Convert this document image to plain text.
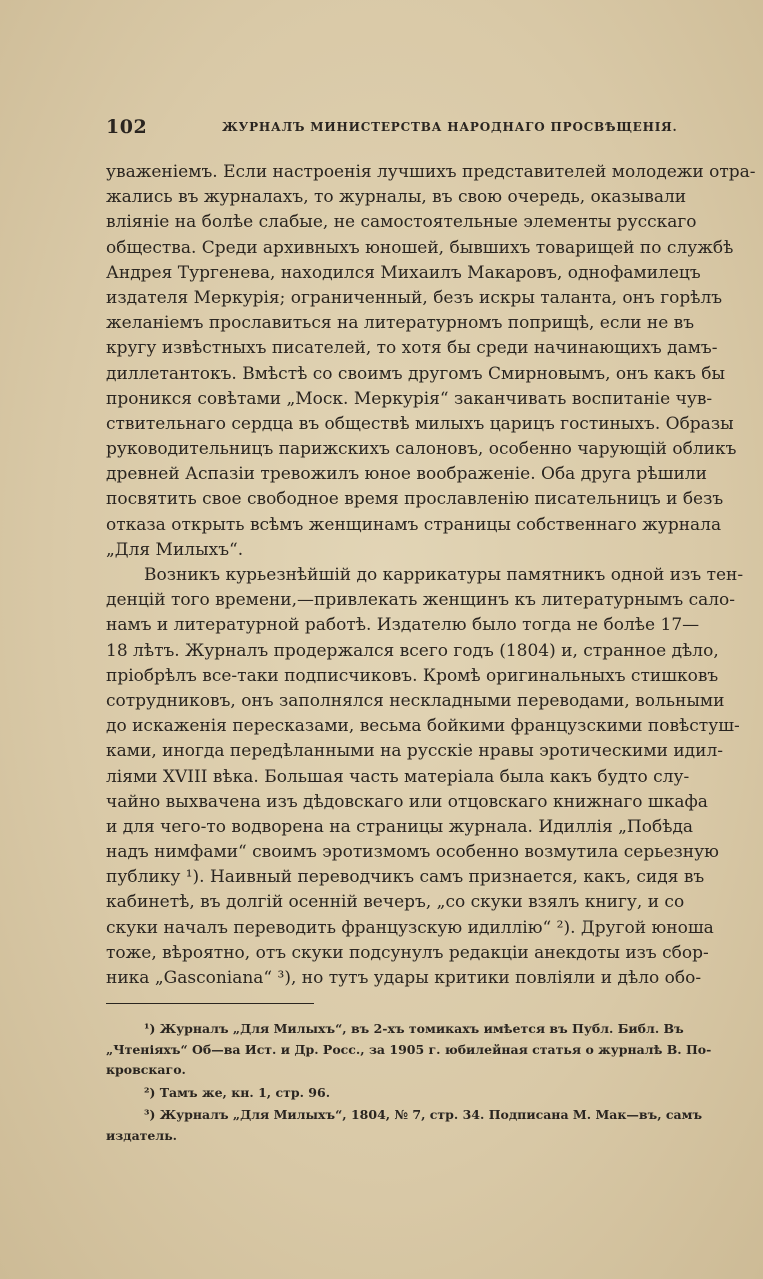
102	ЖУРНАЛЪ МИНИСТЕРСТВА НАРОДНАГО ПРОСВѢЩЕНІЯ.
уваженіемъ. Если настроенія лучшихъ представителей молодежи отра-
жались въ журналахъ, то журналы, въ свою очередь, оказывали
вліяніе на болѣе слабые, не самостоятельные элементы русскаго
общества. Среди архивныхъ юношей, бывшихъ товарищей по службѣ
Андрея Тургенева, находился Михаилъ Макаровъ, однофамилецъ
издателя Меркурія; ограниченный, безъ искры таланта, онъ горѣлъ
желаніемъ прославиться на литературномъ поприщѣ, если не въ
кругу извѣстныхъ писателей, то хотя бы среди начинающихъ дамъ-
диллетантокъ. Вмѣстѣ со своимъ другомъ Смирновымъ, онъ какъ бы
проникся совѣтами „Моск. Меркурія“ заканчивать воспитаніе чув-
ствительнаго сердца въ обществѣ милыхъ царицъ гостиныхъ. Образы
руководительницъ парижскихъ салоновъ, особенно чарующій обликъ
древней Аспазіи тревожилъ юное воображеніе. Оба друга рѣшили
посвятить свое свободное время прославленію писательницъ и безъ
отказа открыть всѣмъ женщинамъ страницы собственнаго журнала
„Для Милыхъ“.
Возникъ курьезнѣйшій до каррикатуры памятникъ одной изъ тен-
денцій того времени,—привлекать женщинъ къ литературнымъ сало-
намъ и литературной работѣ. Издателю было тогда не болѣе 17—
18 лѣтъ. Журналъ продержался всего годъ (1804) и, странное дѣло,
пріобрѣлъ все-таки подписчиковъ. Кромѣ оригинальныхъ стишковъ
сотрудниковъ, онъ заполнялся нескладными переводами, вольными
до искаженія пересказами, весьма бойкими французскими повѣстуш-
ками, иногда передѣланными на русскіе нравы эротическими идил-
ліями XVIII вѣка. Большая часть матеріала была какъ будто слу-
чайно выхвачена изъ дѣдовскаго или отцовскаго книжнаго шкафа
и для чего-то водворена на страницы журнала. Идиллія „Побѣда
надъ нимфами“ своимъ эротизмомъ особенно возмутила серьезную
публику ¹). Наивный переводчикъ самъ признается, какъ, сидя въ
кабинетѣ, въ долгій осенній вечеръ, „со скуки взялъ книгу, и со
скуки началъ переводить французскую идиллію“ ²). Другой юноша
тоже, вѣроятно, отъ скуки подсунулъ редакціи анекдоты изъ сбор-
ника „Gasconiana“ ³), но тутъ удары критики повліяли и дѣло обо-
¹) Журналъ „Для Милыхъ“, въ 2-хъ томикахъ имѣется въ Публ. Библ. Въ
„Чтеніяхъ“ Об—ва Ист. и Др. Росс., за 1905 г. юбилейная статья о журналѣ В. По-
кровскаго.
²) Тамъ же, кн. 1, стр. 96.
³) Журналъ „Для Милыхъ“, 1804, № 7, стр. 34. Подписана М. Мак—въ, самъ
издатель.
